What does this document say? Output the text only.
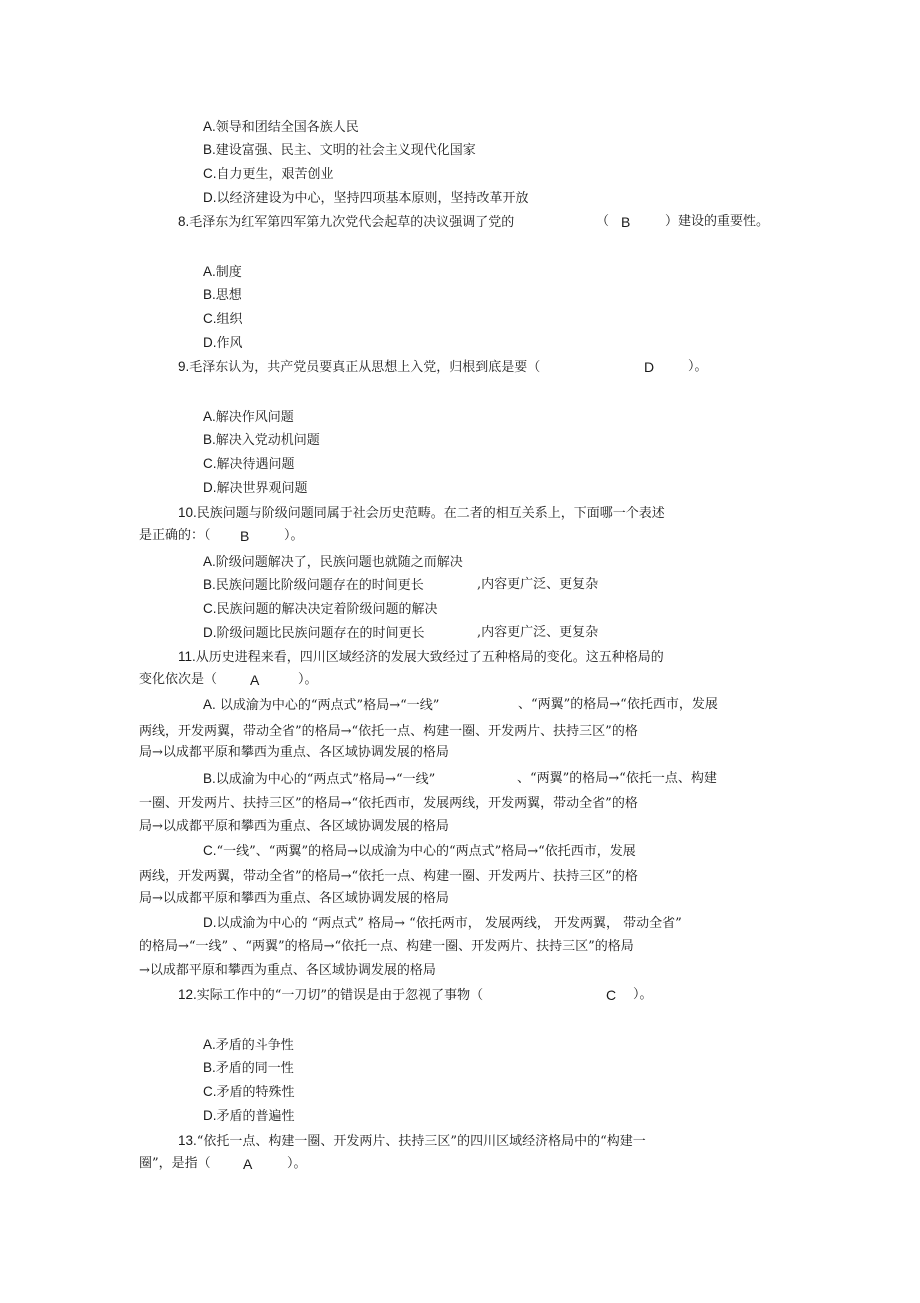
A.领导和团结全国各族人民
B.建设富强、民主、文明的社会主义现代化国家
C.自力更生，艰苦创业
D.以经济建设为中心，坚持四项基本原则，坚持改革开放
8.毛泽东为红军第四军第九次党代会起草的决议强调了党的	（ B	）建设的重要性。
A.制度
B.思想
C.组织
D.作风
9.毛泽东认为，共产党员要真正从思想上入党，归根到底是要（	D	）。
A.解决作风问题
B.解决入党动机问题
C.解决待遇问题
D.解决世界观问题
10.民族问题与阶级问题同属于社会历史范畴。在二者的相互关系上，下面哪一个表述
是正确的：（ B	）。
A.阶级问题解决了，民族问题也就随之而解决
B.民族问题比阶级问题存在的时间更长	,内容更广泛、更复杂
C.民族问题的解决决定着阶级问题的解决
D.阶级问题比民族问题存在的时间更长	,内容更广泛、更复杂
11.从历史进程来看，四川区域经济的发展大致经过了五种格局的变化。这五种格局的
变化依次是（ A	）。
A. 以成渝为中心的“两点式”格局→“一线”	、“两翼”的格局→“依托西市，发展
两线，开发两翼，带动全省”的格局→“依托一点、构建一圈、开发两片、扶持三区”的格
局→以成都平原和攀西为重点、各区域协调发展的格局
B.以成渝为中心的“两点式”格局→“一线”	、“两翼”的格局→“依托一点、构建
一圈、开发两片、扶持三区”的格局→“依托西市，发展两线，开发两翼，带动全省”的格
局→以成都平原和攀西为重点、各区域协调发展的格局
C.“一线”、“两翼”的格局→以成渝为中心的“两点式”格局→“依托西市，发展
两线，开发两翼，带动全省”的格局→“依托一点、构建一圈、开发两片、扶持三区”的格
局→以成都平原和攀西为重点、各区域协调发展的格局
D.以成渝为中心的 “两点式” 格局→ “依托两市， 发展两线， 开发两翼， 带动全省”
的格局→“一线” 、“两翼”的格局→“依托一点、构建一圈、开发两片、扶持三区”的格局
→以成都平原和攀西为重点、各区域协调发展的格局
12.实际工作中的“一刀切”的错误是由于忽视了事物（	C ）。
A.矛盾的斗争性
B.矛盾的同一性
C.矛盾的特殊性
D.矛盾的普遍性
13.“依托一点、构建一圈、开发两片、扶持三区”的四川区域经济格局中的“构建一
圈”，是指（ A	）。
